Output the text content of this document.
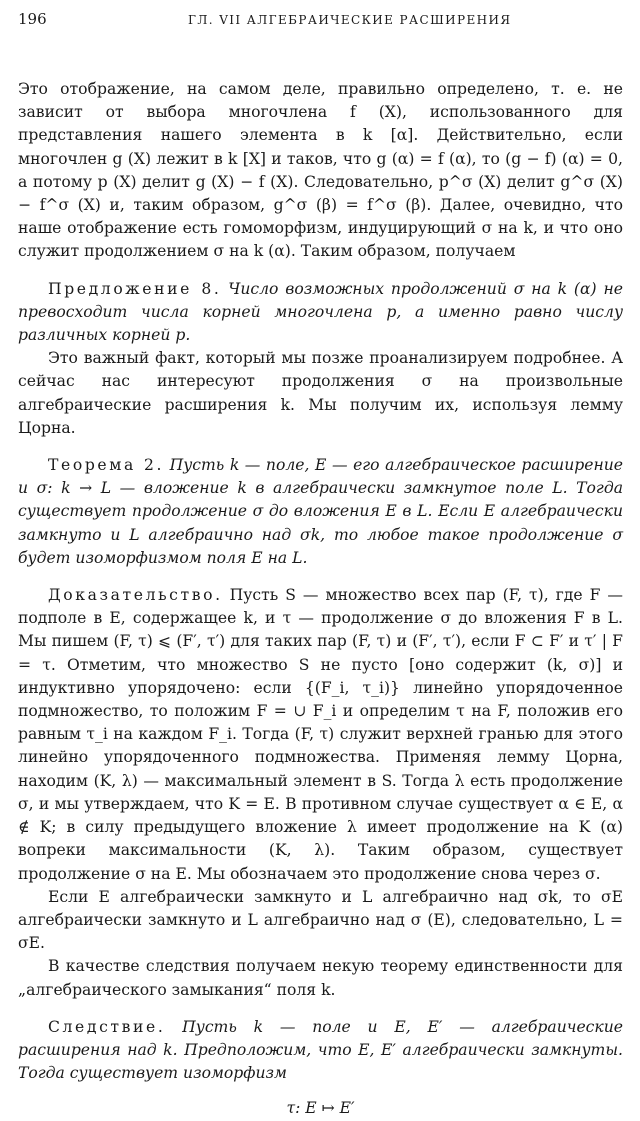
196	ГЛ. VII АЛГЕБРАИЧЕСКИЕ РАСШИРЕНИЯ

Это отображение, на самом деле, правильно определено, т. е. не зависит от выбора многочлена f (X), использованного для представления нашего элемента в k [α]. Действительно, если многочлен g (X) лежит в k [X] и таков, что g (α) = f (α), то (g − f) (α) = 0, а потому p (X) делит g (X) − f (X). Следовательно, p^σ (X) делит g^σ (X) − f^σ (X) и, таким образом, g^σ (β) = f^σ (β). Далее, очевидно, что наше отображение есть гомоморфизм, индуцирующий σ на k, и что оно служит продолжением σ на k (α). Таким образом, получаем

Предложение 8. Число возможных продолжений σ на k (α) не превосходит числа корней многочлена p, а именно равно числу различных корней p.

Это важный факт, который мы позже проанализируем подробнее. А сейчас нас интересуют продолжения σ на произвольные алгебраические расширения k. Мы получим их, используя лемму Цорна.

Теорема 2. Пусть k — поле, E — его алгебраическое расширение и σ: k → L — вложение k в алгебраически замкнутое поле L. Тогда существует продолжение σ до вложения E в L. Если E алгебраически замкнуто и L алгебраично над σk, то любое такое продолжение σ будет изоморфизмом поля E на L.

Доказательство. Пусть S — множество всех пар (F, τ), где F — подполе в E, содержащее k, и τ — продолжение σ до вложения F в L. Мы пишем (F, τ) ⩽ (F′, τ′) для таких пар (F, τ) и (F′, τ′), если F ⊂ F′ и τ′ | F = τ. Отметим, что множество S не пусто [оно содержит (k, σ)] и индуктивно упорядочено: если {(F_i, τ_i)} линейно упорядоченное подмножество, то положим F = ∪ F_i и определим τ на F, положив его равным τ_i на каждом F_i. Тогда (F, τ) служит верхней гранью для этого линейно упорядоченного подмножества. Применяя лемму Цорна, находим (K, λ) — максимальный элемент в S. Тогда λ есть продолжение σ, и мы утверждаем, что K = E. В противном случае существует α ∈ E, α ∉ K; в силу предыдущего вложение λ имеет продолжение на K (α) вопреки максимальности (K, λ). Таким образом, существует продолжение σ на E. Мы обозначаем это продолжение снова через σ.

Если E алгебраически замкнуто и L алгебраично над σk, то σE алгебраически замкнуто и L алгебраично над σ (E), следовательно, L = σE.

В качестве следствия получаем некую теорему единственности для „алгебраического замыкания“ поля k.

Следствие. Пусть k — поле и E, E′ — алгебраические расширения над k. Предположим, что E, E′ алгебраически замкнуты. Тогда существует изоморфизм

τ: E ↦ E′
